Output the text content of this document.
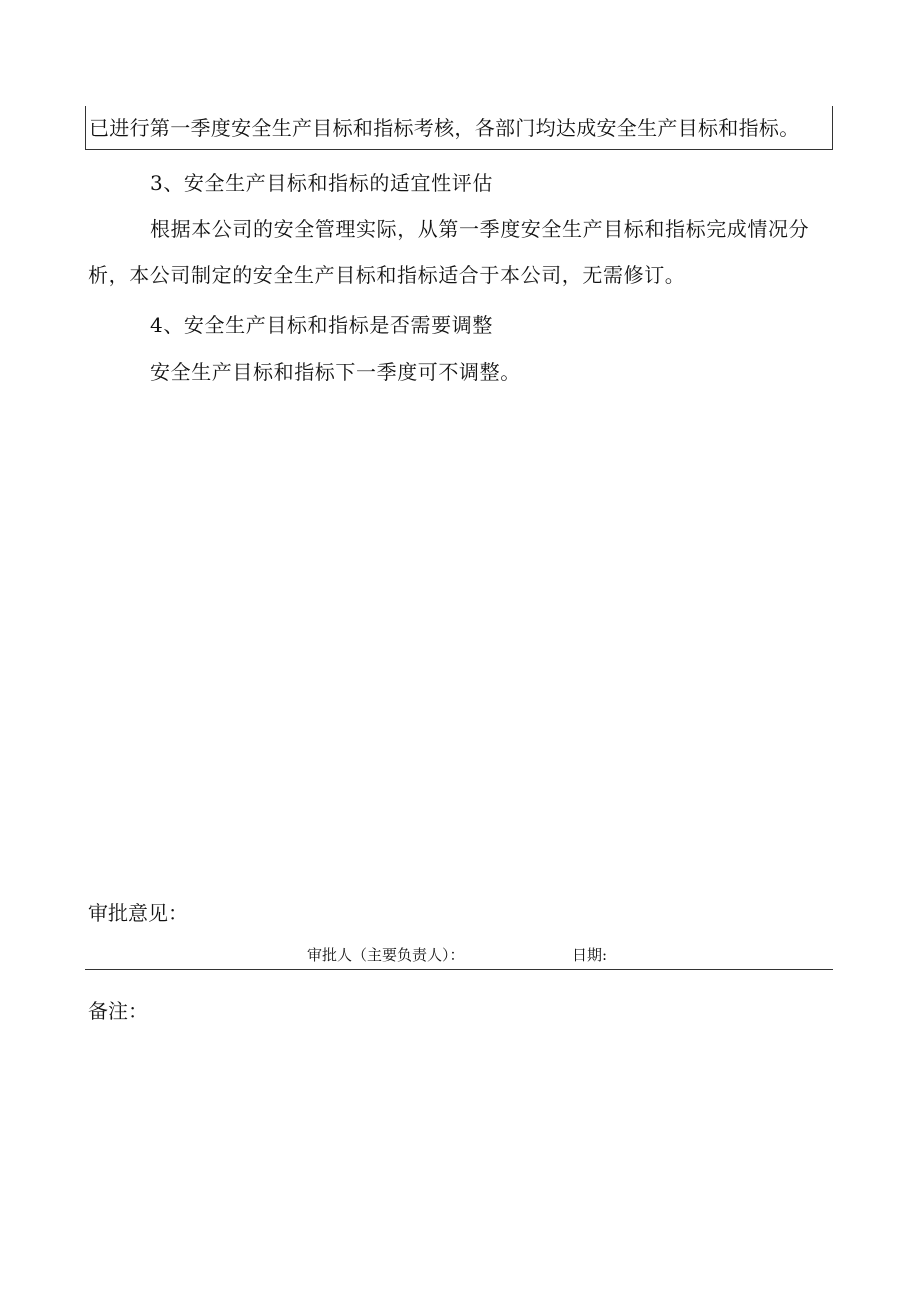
已进行第一季度安全生产目标和指标考核，各部门均达成安全生产目标和指标。
3、安全生产目标和指标的适宜性评估
根据本公司的安全管理实际，从第一季度安全生产目标和指标完成情况分析，本公司制定的安全生产目标和指标适合于本公司，无需修订。
4、安全生产目标和指标是否需要调整
安全生产目标和指标下一季度可不调整。
审批意见：
审批人（主要负责人）：	日期:
备注：
